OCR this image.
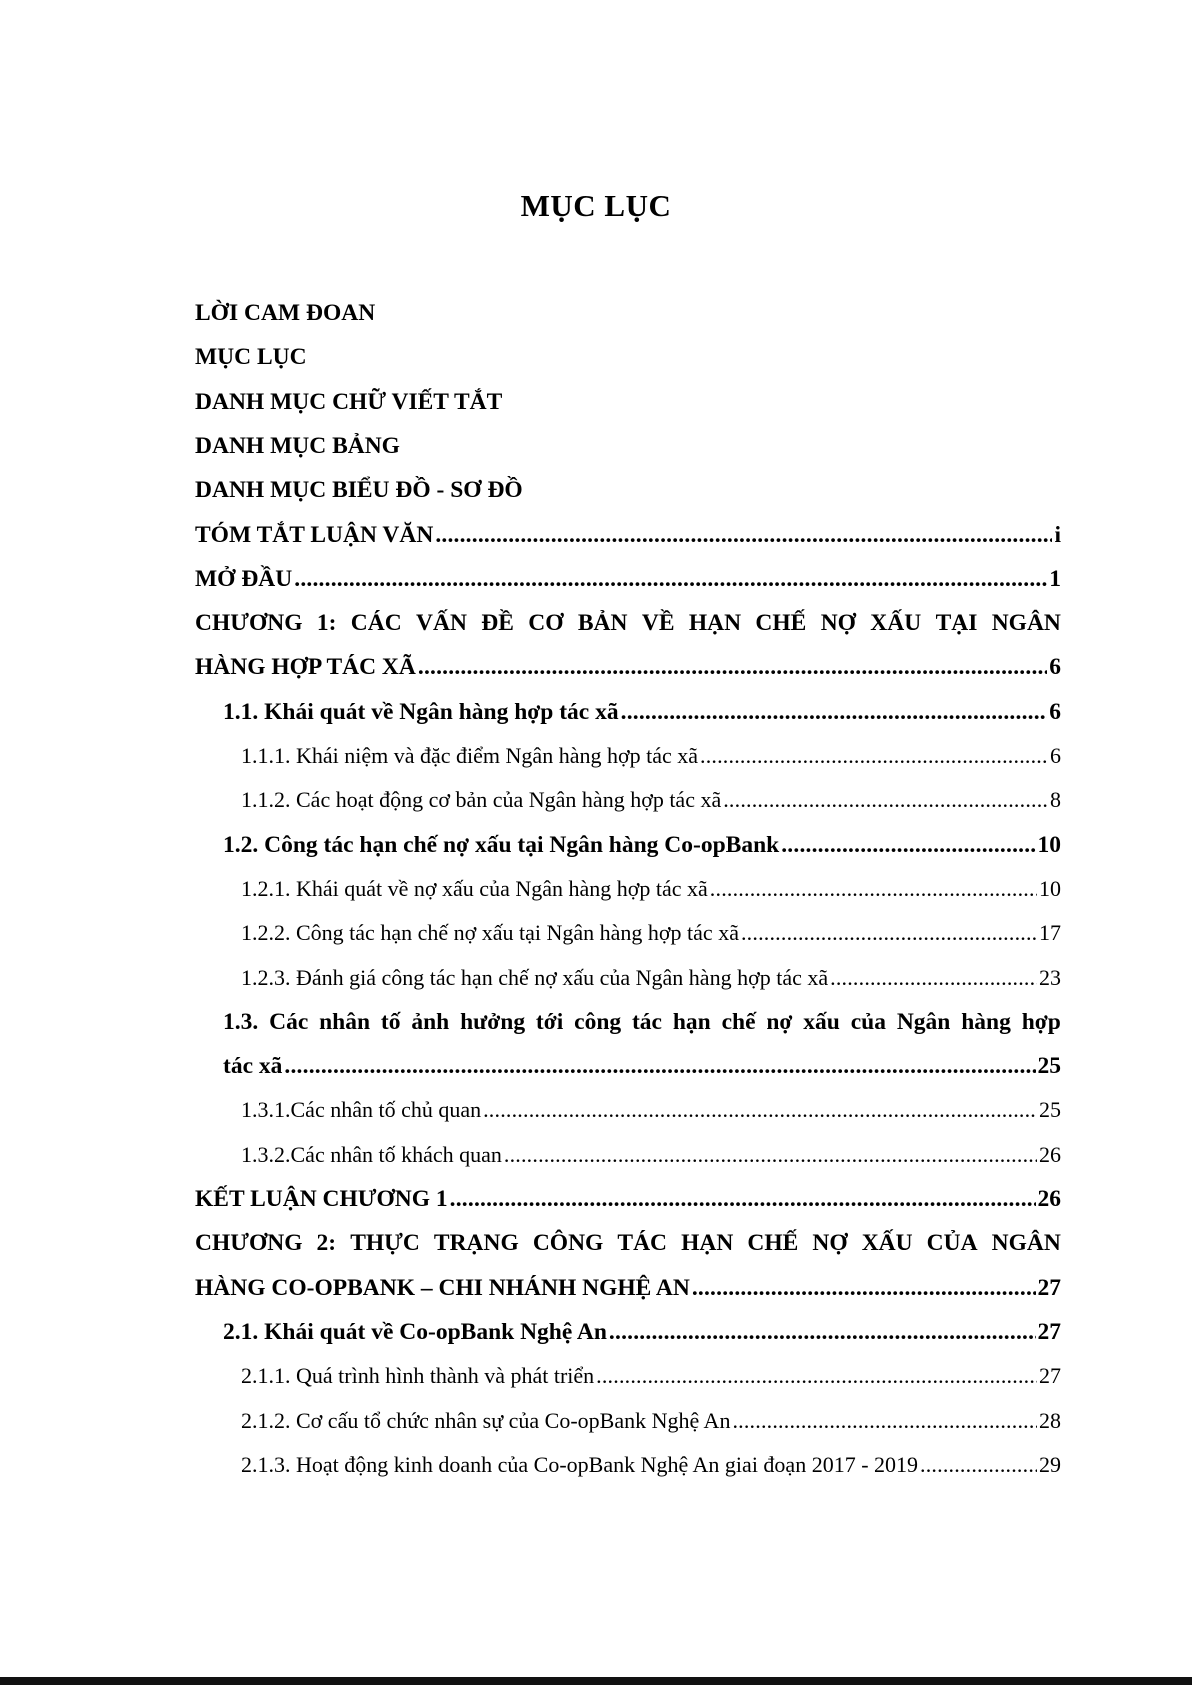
MỤC LỤC
LỜI CAM ĐOAN
MỤC LỤC
DANH MỤC CHỮ VIẾT TẮT
DANH MỤC BẢNG
DANH MỤC BIỂU ĐỒ - SƠ ĐỒ
TÓM TẮT LUẬN VĂN .....	i
MỞ ĐẦU .....	1
CHƯƠNG 1: CÁC VẤN ĐỀ CƠ BẢN VỀ HẠN CHẾ NỢ XẤU TẠI NGÂN
HÀNG HỢP TÁC XÃ .....	6
1.1. Khái quát về Ngân hàng hợp tác xã .....	6
1.1.1. Khái niệm và đặc điểm Ngân hàng hợp tác xã .....	6
1.1.2. Các hoạt động cơ bản của Ngân hàng hợp tác xã .....	8
1.2. Công tác hạn chế nợ xấu tại Ngân hàng Co-opBank .....	10
1.2.1. Khái quát về nợ xấu của Ngân hàng hợp tác xã .....	10
1.2.2. Công tác hạn chế nợ xấu tại Ngân hàng hợp tác xã .....	17
1.2.3. Đánh giá công tác hạn chế nợ xấu của Ngân hàng hợp tác xã .....	23
1.3. Các nhân tố ảnh hưởng tới công tác hạn chế nợ xấu của Ngân hàng hợp
tác xã .....	25
1.3.1.Các nhân tố chủ quan .....	25
1.3.2.Các nhân tố khách quan .....	26
KẾT LUẬN CHƯƠNG 1 .....	26
CHƯƠNG 2: THỰC TRẠNG CÔNG TÁC HẠN CHẾ NỢ XẤU CỦA NGÂN
HÀNG CO-OPBANK – CHI NHÁNH NGHỆ AN .....	27
2.1. Khái quát về Co-opBank Nghệ An .....	27
2.1.1. Quá trình hình thành và phát triển .....	27
2.1.2. Cơ cấu tổ chức nhân sự của Co-opBank Nghệ An .....	28
2.1.3. Hoạt động kinh doanh của Co-opBank Nghệ An giai đoạn 2017 - 2019 .....	29
